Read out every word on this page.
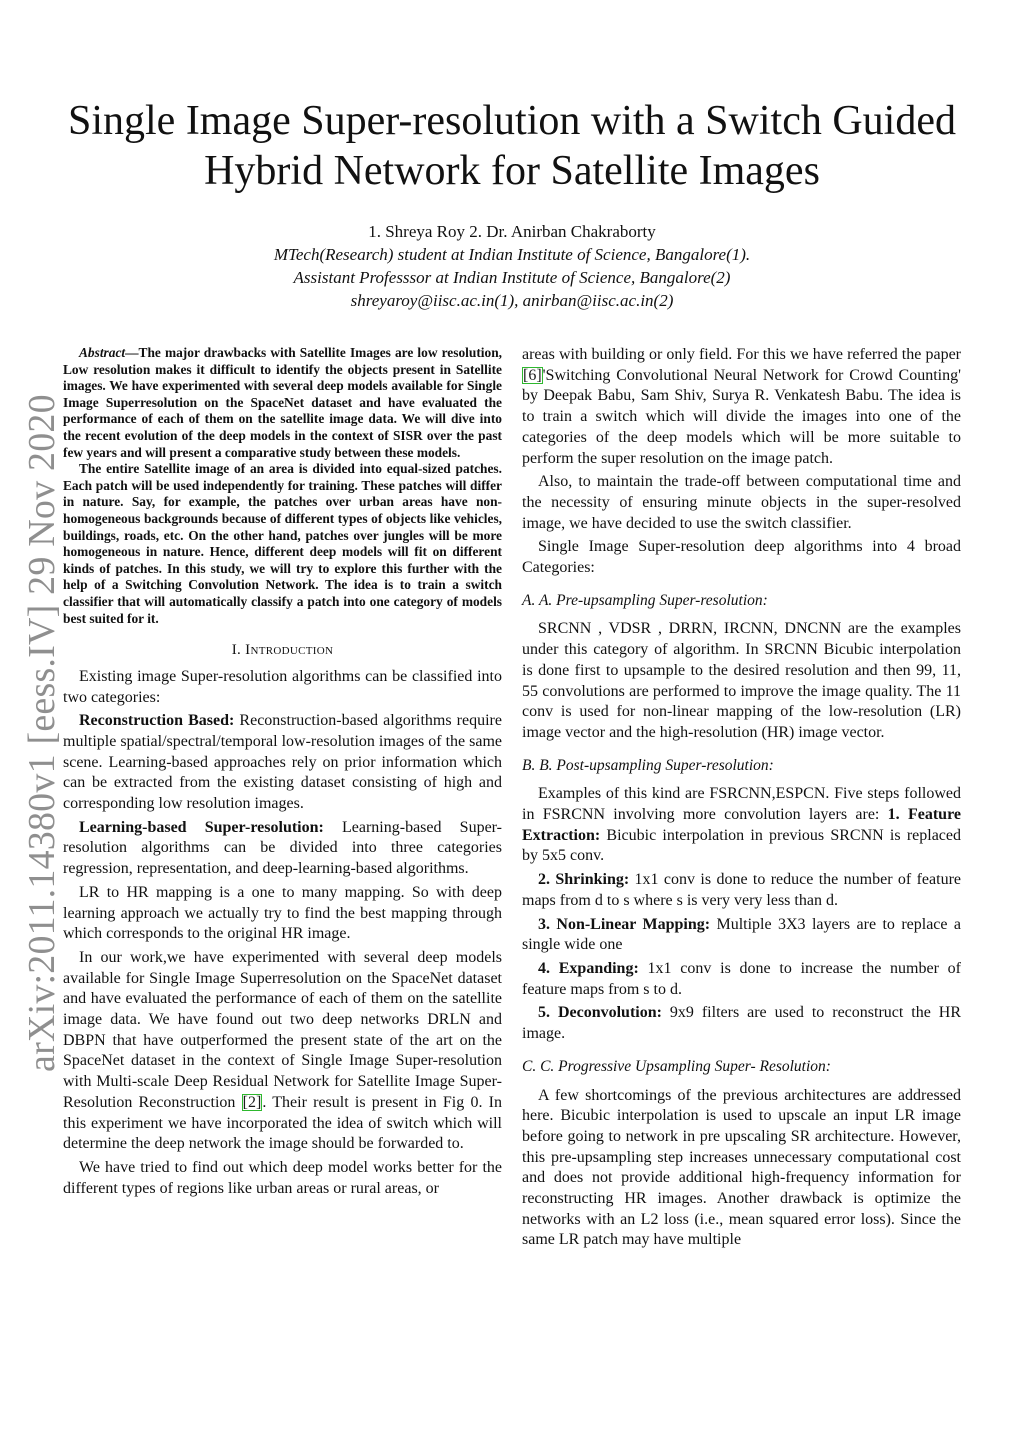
arXiv:2011.14380v1 [eess.IV] 29 Nov 2020
Single Image Super-resolution with a Switch Guided
Hybrid Network for Satellite Images
1. Shreya Roy 2. Dr. Anirban Chakraborty
MTech(Research) student at Indian Institute of Science, Bangalore(1).
Assistant Professsor at Indian Institute of Science, Bangalore(2)
shreyaroy@iisc.ac.in(1), anirban@iisc.ac.in(2)

Abstract—The major drawbacks with Satellite Images are low resolution, Low resolution makes it difficult to identify the objects present in Satellite images. We have experimented with several deep models available for Single Image Superresolution on the SpaceNet dataset and have evaluated the performance of each of them on the satellite image data. We will dive into the recent evolution of the deep models in the context of SISR over the past few years and will present a comparative study between these models.

The entire Satellite image of an area is divided into equal-sized patches. Each patch will be used independently for training. These patches will differ in nature. Say, for example, the patches over urban areas have non-homogeneous backgrounds because of different types of objects like vehicles, buildings, roads, etc. On the other hand, patches over jungles will be more homogeneous in nature. Hence, different deep models will fit on different kinds of patches. In this study, we will try to explore this further with the help of a Switching Convolution Network. The idea is to train a switch classifier that will automatically classify a patch into one category of models best suited for it.

I. Introduction

Existing image Super-resolution algorithms can be classified into two categories:

Reconstruction Based: Reconstruction-based algorithms require multiple spatial/spectral/temporal low-resolution images of the same scene. Learning-based approaches rely on prior information which can be extracted from the existing dataset consisting of high and corresponding low resolution images.

Learning-based Super-resolution: Learning-based Super-resolution algorithms can be divided into three categories regression, representation, and deep-learning-based algorithms.

LR to HR mapping is a one to many mapping. So with deep learning approach we actually try to find the best mapping through which corresponds to the original HR image.

In our work,we have experimented with several deep models available for Single Image Superresolution on the SpaceNet dataset and have evaluated the performance of each of them on the satellite image data. We have found out two deep networks DRLN and DBPN that have outperformed the present state of the art on the SpaceNet dataset in the context of Single Image Super-resolution with Multi-scale Deep Residual Network for Satellite Image Super-Resolution Reconstruction [2]. Their result is present in Fig 0. In this experiment we have incorporated the idea of switch which will determine the deep network the image should be forwarded to.

We have tried to find out which deep model works better for the different types of regions like urban areas or rural areas, or

areas with building or only field. For this we have referred the paper [6]'Switching Convolutional Neural Network for Crowd Counting' by Deepak Babu, Sam Shiv, Surya R. Venkatesh Babu. The idea is to train a switch which will divide the images into one of the categories of the deep models which will be more suitable to perform the super resolution on the image patch.

Also, to maintain the trade-off between computational time and the necessity of ensuring minute objects in the super-resolved image, we have decided to use the switch classifier.

Single Image Super-resolution deep algorithms into 4 broad Categories:

A. A. Pre-upsampling Super-resolution:

SRCNN , VDSR , DRRN, IRCNN, DNCNN are the examples under this category of algorithm. In SRCNN Bicubic interpolation is done first to upsample to the desired resolution and then 99, 11, 55 convolutions are performed to improve the image quality. The 11 conv is used for non-linear mapping of the low-resolution (LR) image vector and the high-resolution (HR) image vector.

B. B. Post-upsampling Super-resolution:

Examples of this kind are FSRCNN,ESPCN. Five steps followed in FSRCNN involving more convolution layers are: 1. Feature Extraction: Bicubic interpolation in previous SRCNN is replaced by 5x5 conv.

2. Shrinking: 1x1 conv is done to reduce the number of feature maps from d to s where s is very very less than d.

3. Non-Linear Mapping: Multiple 3X3 layers are to replace a single wide one

4. Expanding: 1x1 conv is done to increase the number of feature maps from s to d.

5. Deconvolution: 9x9 filters are used to reconstruct the HR image.

C. C. Progressive Upsampling Super- Resolution:

A few shortcomings of the previous architectures are addressed here. Bicubic interpolation is used to upscale an input LR image before going to network in pre upscaling SR architecture. However, this pre-upsampling step increases unnecessary computational cost and does not provide additional high-frequency information for reconstructing HR images. Another drawback is optimize the networks with an L2 loss (i.e., mean squared error loss). Since the same LR patch may have multiple
